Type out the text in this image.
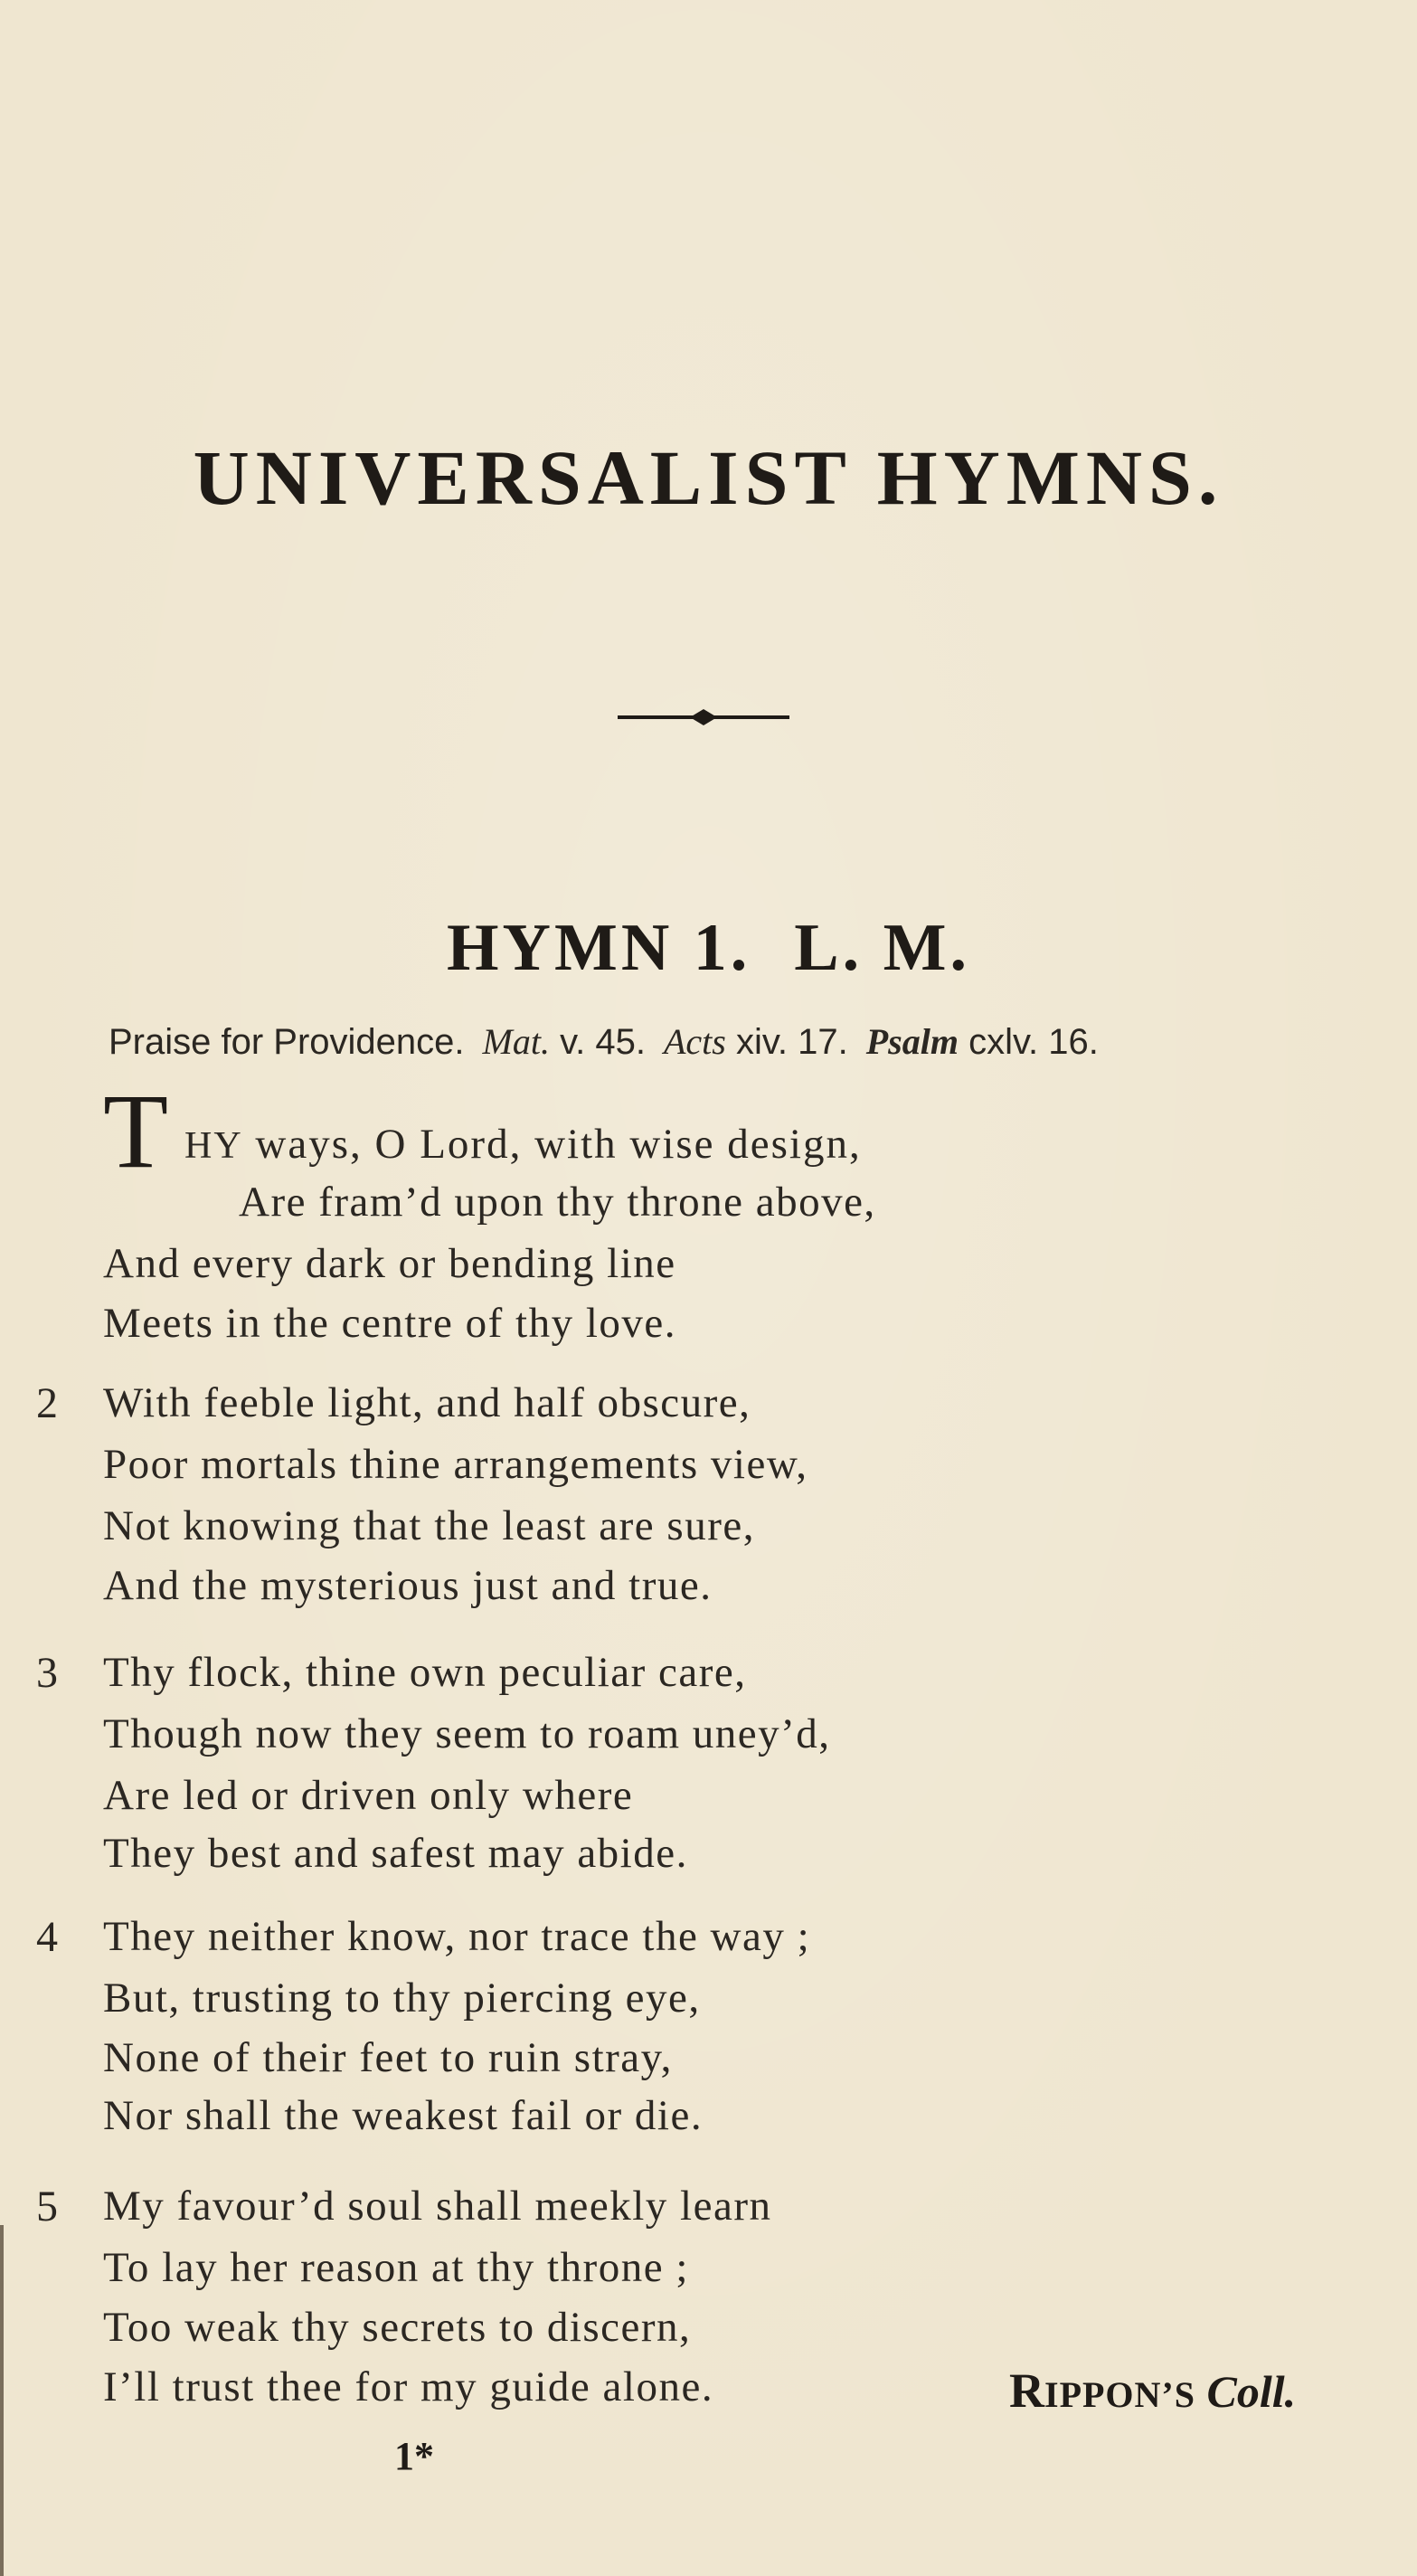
UNIVERSALIST HYMNS.
HYMN 1. L. M.
Praise for Providence. Mat. v. 45. Acts xiv. 17. Psalm cxlv. 16.
T HY ways, O Lord, with wise design,
Are fram’d upon thy throne above,
And every dark or bending line
Meets in the centre of thy love.
2 With feeble light, and half obscure,
Poor mortals thine arrangements view,
Not knowing that the least are sure,
And the mysterious just and true.
3 Thy flock, thine own peculiar care,
Though now they seem to roam uney’d,
Are led or driven only where
They best and safest may abide.
4 They neither know, nor trace the way ;
But, trusting to thy piercing eye,
None of their feet to ruin stray,
Nor shall the weakest fail or die.
5 My favour’d soul shall meekly learn
To lay her reason at thy throne ;
Too weak thy secrets to discern,
I’ll trust thee for my guide alone.	RIPPON’S Coll.
1*
